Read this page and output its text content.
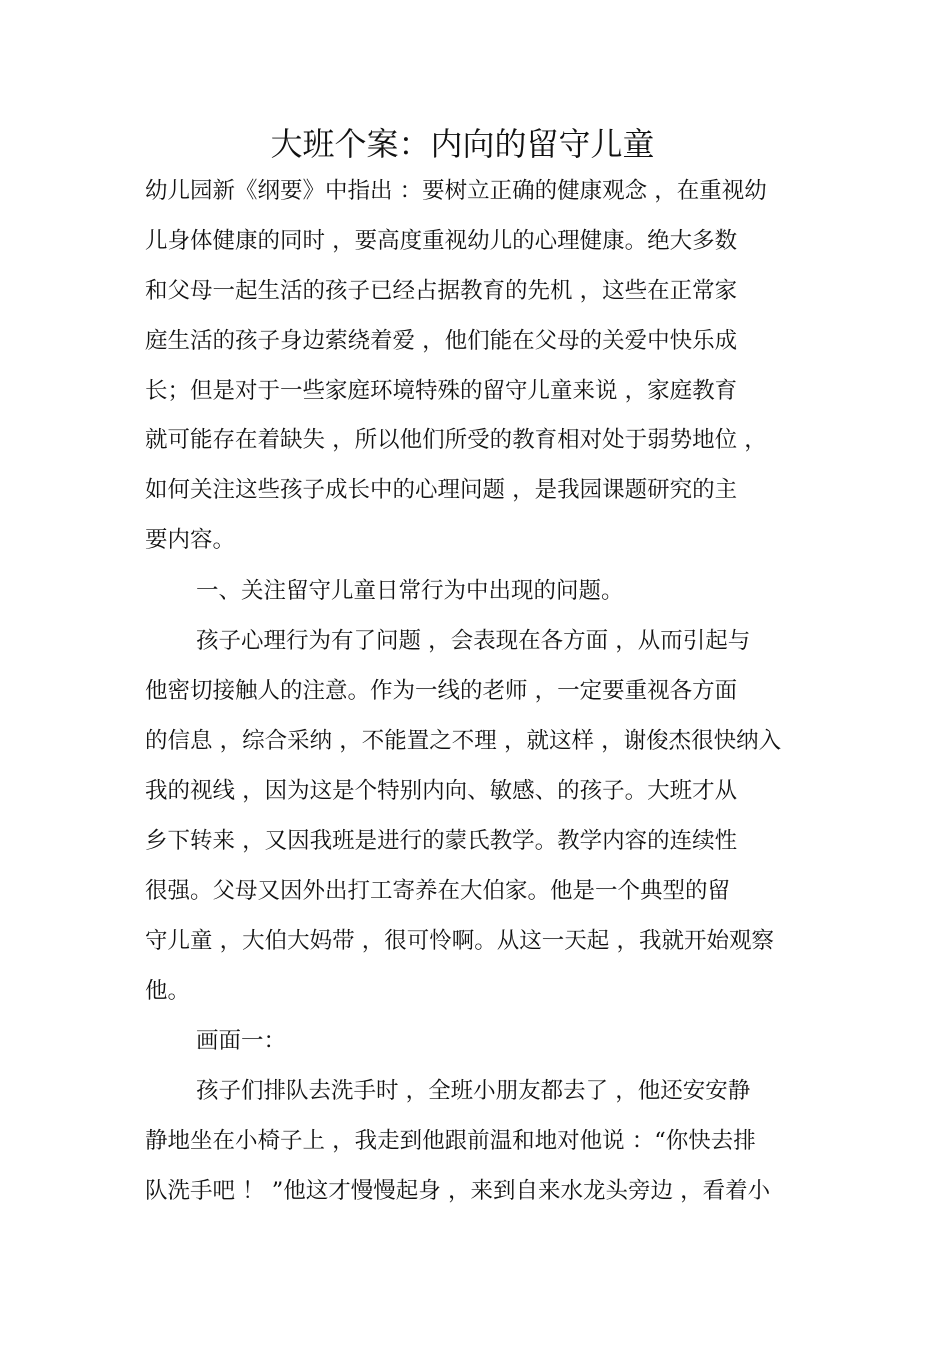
大班个案：内向的留守儿童
幼儿园新《纲要》中指出 ：要树立正确的健康观念 ，在重视幼
儿身体健康的同时 ，要高度重视幼儿的心理健康。绝大多数
和父母一起生活的孩子已经占据教育的先机 ，这些在正常家
庭生活的孩子身边萦绕着爱 ，他们能在父母的关爱中快乐成
长；但是对于一些家庭环境特殊的留守儿童来说 ，家庭教育
就可能存在着缺失 ，所以他们所受的教育相对处于弱势地位 ，
如何关注这些孩子成长中的心理问题 ，是我园课题研究的主
要内容。
一、关注留守儿童日常行为中出现的问题。
孩子心理行为有了问题 ，会表现在各方面 ，从而引起与
他密切接触人的注意。作为一线的老师 ，一定要重视各方面
的信息 ，综合采纳 ，不能置之不理 ，就这样 ，谢俊杰很快纳入
我的视线 ，因为这是个特别内向、敏感、的孩子。大班才从
乡下转来 ，又因我班是进行的蒙氏教学。教学内容的连续性
很强。父母又因外出打工寄养在大伯家。他是一个典型的留
守儿童 ，大伯大妈带 ，很可怜啊。从这一天起 ，我就开始观察
他。
画面一：
孩子们排队去洗手时 ，全班小朋友都去了 ，他还安安静
静地坐在小椅子上 ，我走到他跟前温和地对他说 ：“你快去排
队洗手吧 ！ ”他这才慢慢起身 ，来到自来水龙头旁边 ，看着小
